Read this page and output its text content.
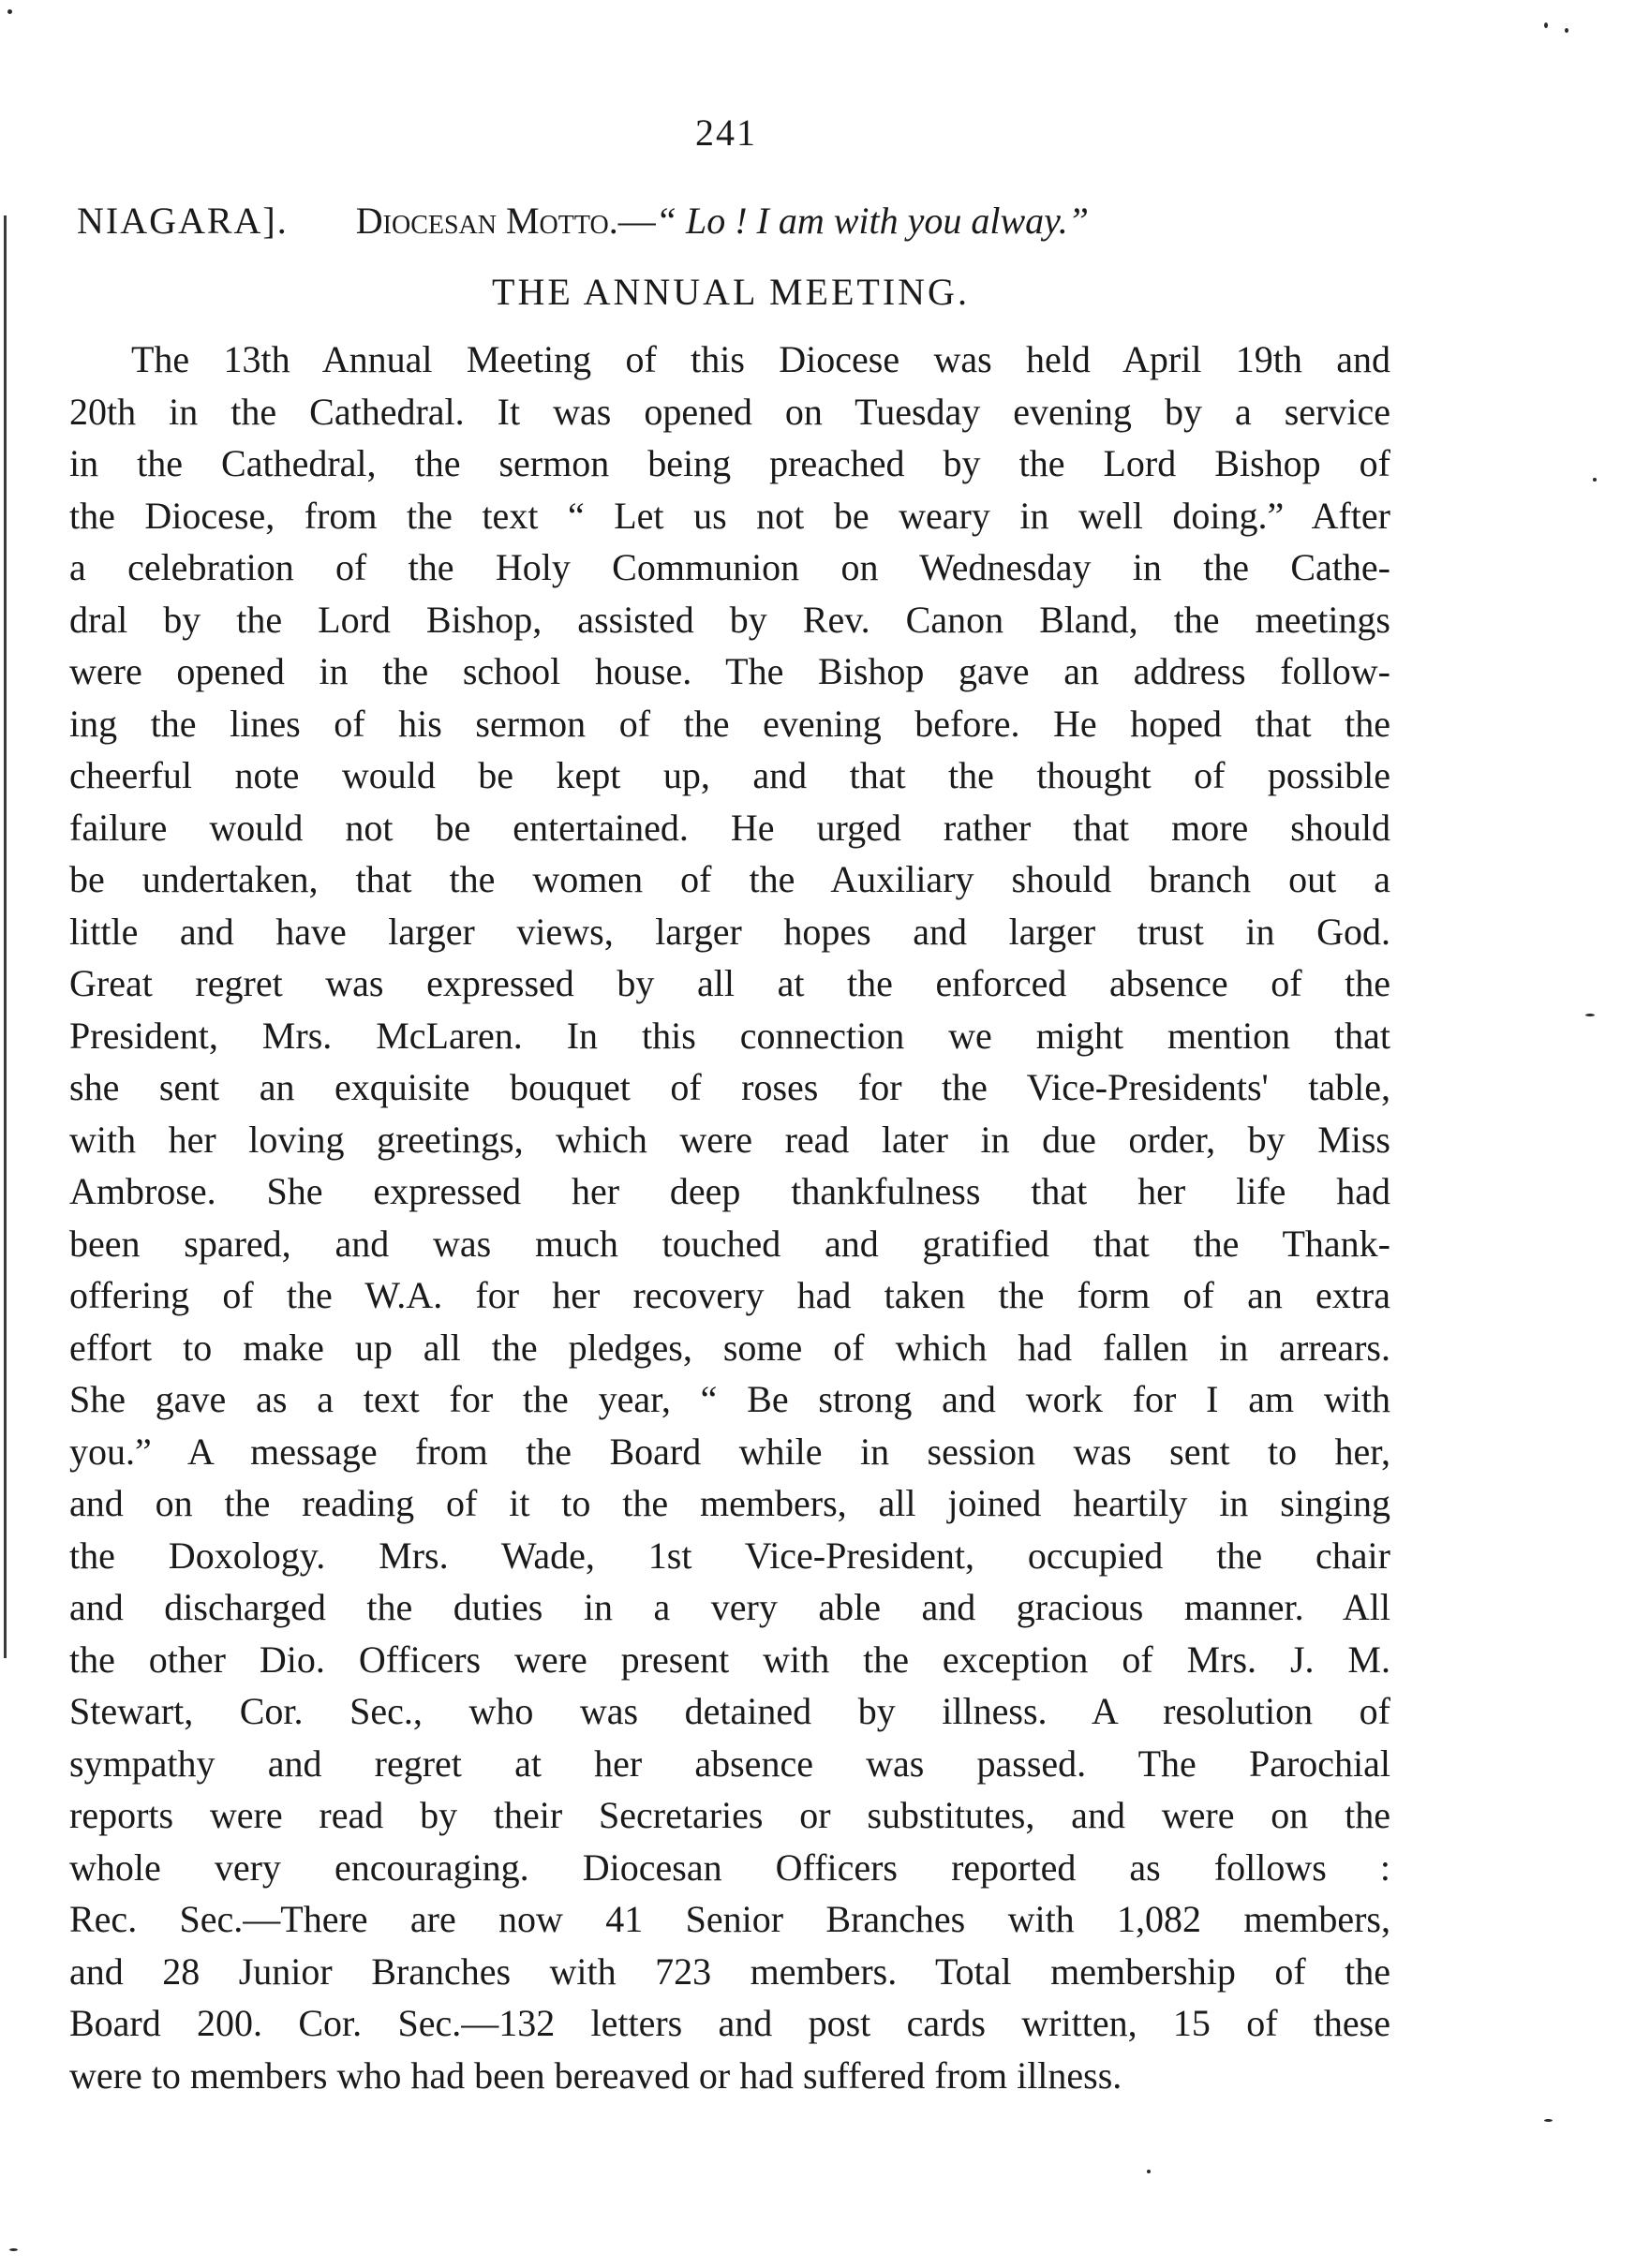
241
NIAGARA]. Diocesan Motto.—“ Lo ! I am with you alway.”
THE ANNUAL MEETING.
The 13th Annual Meeting of this Diocese was held April 19th and
20th in the Cathedral. It was opened on Tuesday evening by a service
in the Cathedral, the sermon being preached by the Lord Bishop of
the Diocese, from the text “ Let us not be weary in well doing.” After
a celebration of the Holy Communion on Wednesday in the Cathe-
dral by the Lord Bishop, assisted by Rev. Canon Bland, the meetings
were opened in the school house. The Bishop gave an address follow-
ing the lines of his sermon of the evening before. He hoped that the
cheerful note would be kept up, and that the thought of possible
failure would not be entertained. He urged rather that more should
be undertaken, that the women of the Auxiliary should branch out a
little and have larger views, larger hopes and larger trust in God.
Great regret was expressed by all at the enforced absence of the
President, Mrs. McLaren. In this connection we might mention that
she sent an exquisite bouquet of roses for the Vice-Presidents' table,
with her loving greetings, which were read later in due order, by Miss
Ambrose. She expressed her deep thankfulness that her life had
been spared, and was much touched and gratified that the Thank-
offering of the W.A. for her recovery had taken the form of an extra
effort to make up all the pledges, some of which had fallen in arrears.
She gave as a text for the year, “ Be strong and work for I am with
you.” A message from the Board while in session was sent to her,
and on the reading of it to the members, all joined heartily in singing
the Doxology. Mrs. Wade, 1st Vice-President, occupied the chair
and discharged the duties in a very able and gracious manner. All
the other Dio. Officers were present with the exception of Mrs. J. M.
Stewart, Cor. Sec., who was detained by illness. A resolution of
sympathy and regret at her absence was passed. The Parochial
reports were read by their Secretaries or substitutes, and were on the
whole very encouraging. Diocesan Officers reported as follows :
Rec. Sec.—There are now 41 Senior Branches with 1,082 members,
and 28 Junior Branches with 723 members. Total membership of the
Board 200. Cor. Sec.—132 letters and post cards written, 15 of these
were to members who had been bereaved or had suffered from illness.
